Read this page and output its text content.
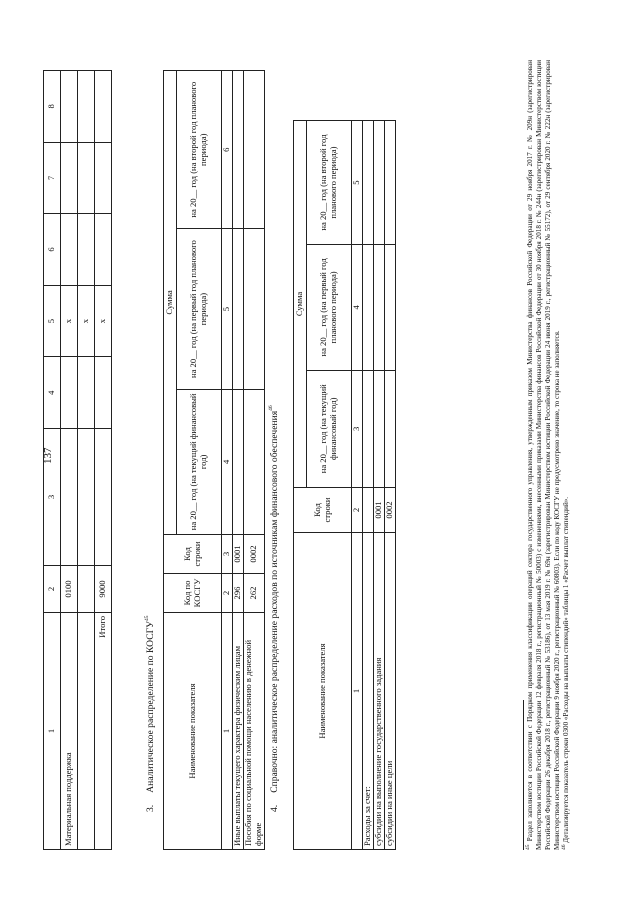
1	2	3	4	5	6	7	8
Материальная поддержка	0100			x			
				x			
Итого	9000			x			
137
3.     Аналитическое распределение по КОСГУ$^{45}$
Наименование показателя	Код по КОСГУ	Код строки	Сумма		
			на 20__ год (на текущий финансовый год)	на 20__ год (на первый год планового периода)	на 20__ год (на второй год планового периода)
1	2	3	4	5	6
Иные выплаты текущего характера физическим лицам	296	0001			
Пособия по социальной помощи населению в денежной форме	262	0002			
4.     Справочно: аналитическое распределение расходов по источникам финансового обеспечения$^{46}$
Наименование показателя	Код строки	Сумма		
		на 20__ год (на текущий финансовый год)	на 20__ год (на первый год планового периода)	на 20__ год (на второй год планового периода)
1	2	3	4	5
Расходы за счет:				
субсидии на выполнение государственного задания	0001			
субсидии на иные цели	0002			

$^{45}$ Раздел заполняется в соответствии с Порядком применения классификации операций сектора государственного управления, утвержденным приказом Министерства финансов Российской Федерации от 29 ноября 2017 г. № 209н (зарегистрирован Министерством юстиции Российской Федерации 12 февраля 2018 г., регистрационный № 50003) с изменениями, внесенными приказами Министерства финансов Российской Федерации от 30 ноября 2018 г. № 244н (зарегистрирован Министерством юстиции Российской Федерации 26 декабря 2018 г., регистрационный № 53186), от 13 мая 2019 г. № 69н (зарегистрирован Министерством юстиции Российской Федерации 24 июня 2019 г., регистрационный № 55172), от 29 сентября 2020 г. № 222н (зарегистрирован Министерством юстиции Российской Федерации 9 ноября 2020 г., регистрационный № 60803). Если по коду КОСГУ не предусмотрено значение, то строка не заполняется. $^{46}$ Детализируется показатель строки 0300 «Расходы на выплаты стипендий» таблицы 1 «Расчет выплат стипендий».
